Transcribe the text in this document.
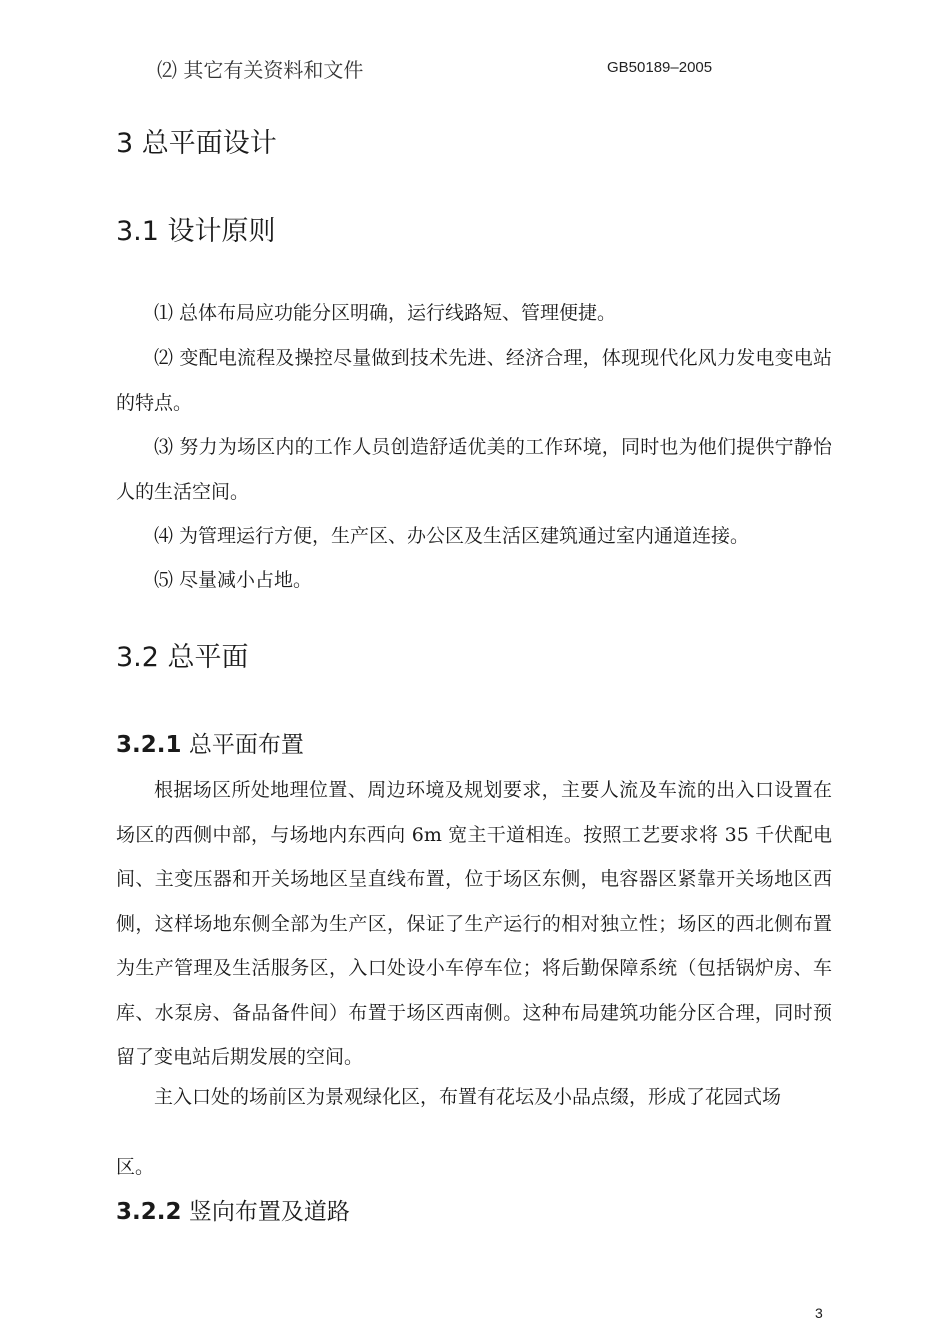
⑵ 其它有关资料和文件	GB50189–2005
3 总平面设计
3.1 设计原则
⑴ 总体布局应功能分区明确，运行线路短、管理便捷。
⑵ 变配电流程及操控尽量做到技术先进、经济合理，体现现代化风力发电变电站的特点。
⑶ 努力为场区内的工作人员创造舒适优美的工作环境，同时也为他们提供宁静怡人的生活空间。
⑷ 为管理运行方便，生产区、办公区及生活区建筑通过室内通道连接。
⑸ 尽量减小占地。
3.2 总平面
3.2.1 总平面布置
根据场区所处地理位置、周边环境及规划要求，主要人流及车流的出入口设置在场区的西侧中部，与场地内东西向 6m 宽主干道相连。按照工艺要求将 35 千伏配电间、主变压器和开关场地区呈直线布置，位于场区东侧，电容器区紧靠开关场地区西侧，这样场地东侧全部为生产区，保证了生产运行的相对独立性；场区的西北侧布置为生产管理及生活服务区，入口处设小车停车位；将后勤保障系统（包括锅炉房、车库、水泵房、备品备件间）布置于场区西南侧。这种布局建筑功能分区合理，同时预留了变电站后期发展的空间。
主入口处的场前区为景观绿化区，布置有花坛及小品点缀，形成了花园式场
区。
3.2.2 竖向布置及道路
3
